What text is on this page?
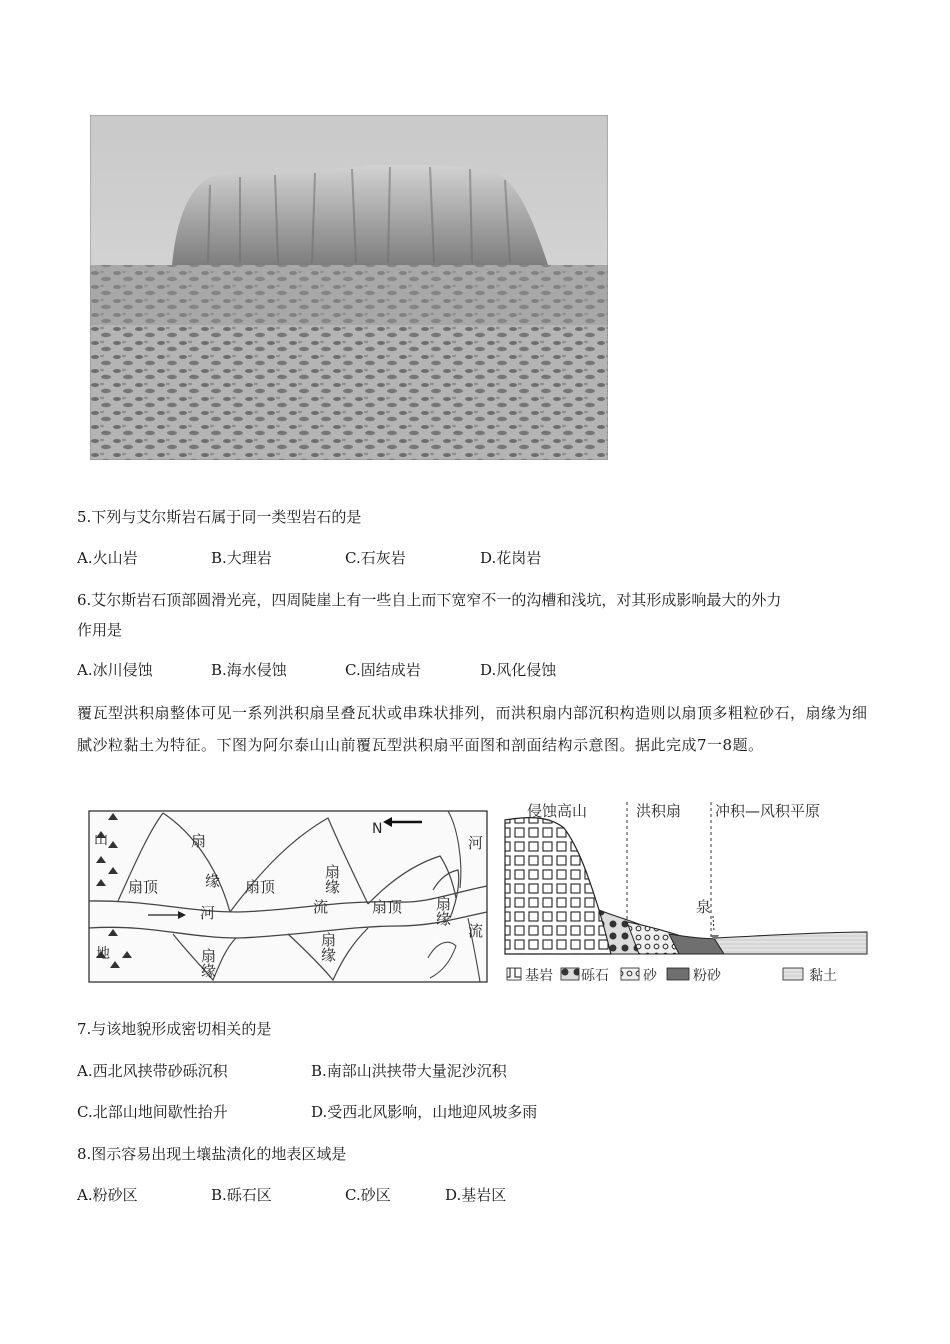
5.下列与艾尔斯岩石属于同一类型岩石的是
A.火山岩	B.大理岩	C.石灰岩	D.花岗岩
6.艾尔斯岩石顶部圆滑光亮，四周陡崖上有一些自上而下宽窄不一的沟槽和浅坑，对其形成影响最大的外力
作用是
A.冰川侵蚀	B.海水侵蚀	C.固结成岩	D.风化侵蚀
覆瓦型洪积扇整体可见一系列洪积扇呈叠瓦状或串珠状排列，而洪积扇内部沉积构造则以扇顶多粗粒砂石，扇缘为细腻沙粒黏土为特征。下图为阿尔泰山山前覆瓦型洪积扇平面图和剖面结构示意图。据此完成7一8题。
山
地
N
扇顶	扇顶
扇顶
扇
缘	扇缘
扇缘
扇缘
扇缘
河	流
河
流
侵蚀高山	洪积扇 冲积—风积平原
泉
基岩 砾石 砂	粉砂	黏土
7.与该地貌形成密切相关的是
A.西北风挟带砂砾沉积	B.南部山洪挟带大量泥沙沉积
C.北部山地间歇性抬升	D.受西北风影响，山地迎风坡多雨
8.图示容易出现土壤盐渍化的地表区域是
A.粉砂区	B.砾石区	C.砂区	D.基岩区
